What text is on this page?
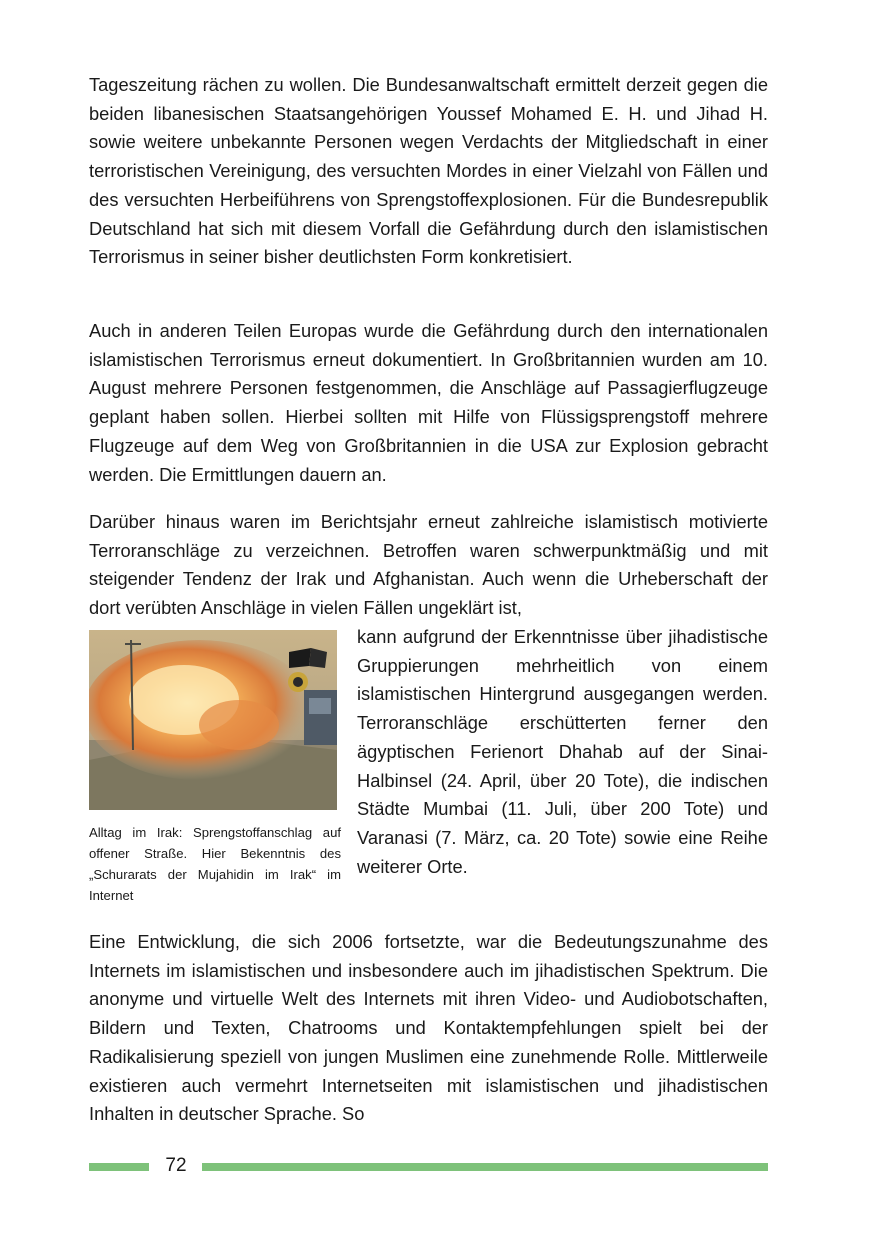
Tageszeitung rächen zu wollen. Die Bundesanwaltschaft ermittelt derzeit gegen die beiden libanesischen Staatsangehörigen Youssef Mohamed E. H. und Jihad H. sowie weitere unbekannte Personen wegen Verdachts der Mitgliedschaft in einer terroristischen Vereinigung, des versuchten Mordes in einer Vielzahl von Fällen und des versuchten Herbeiführens von Sprengstoffexplosionen. Für die Bundesrepublik Deutschland hat sich mit diesem Vorfall die Gefährdung durch den islamistischen Terrorismus in seiner bisher deutlichsten Form konkretisiert.

Auch in anderen Teilen Europas wurde die Gefährdung durch den internationalen islamistischen Terrorismus erneut dokumentiert. In Großbritannien wurden am 10. August mehrere Personen festgenommen, die Anschläge auf Passagierflugzeuge geplant haben sollen. Hierbei sollten mit Hilfe von Flüssigsprengstoff mehrere Flugzeuge auf dem Weg von Großbritannien in die USA zur Explosion gebracht werden. Die Ermittlungen dauern an.

Darüber hinaus waren im Berichtsjahr erneut zahlreiche islamistisch motivierte Terroranschläge zu verzeichnen. Betroffen waren schwerpunktmäßig und mit steigender Tendenz der Irak und Afghanistan. Auch wenn die Urheberschaft der dort verübten Anschläge in vielen Fällen ungeklärt ist,

Alltag im Irak: Sprengstoffanschlag auf offener Straße. Hier Bekenntnis des „Schurarats der Mujahidin im Irak“ im Internet

kann aufgrund der Erkenntnisse über jihadistische Gruppierungen mehrheitlich von einem islamistischen Hintergrund ausgegangen werden. Terroranschläge erschütterten ferner den ägyptischen Ferienort Dhahab auf der Sinai-Halbinsel (24. April, über 20 Tote), die indischen Städte Mumbai (11. Juli, über 200 Tote) und Varanasi (7. März, ca. 20 Tote) sowie eine Reihe weiterer Orte.

Eine Entwicklung, die sich 2006 fortsetzte, war die Bedeutungszunahme des Internets im islamistischen und insbesondere auch im jihadistischen Spektrum. Die anonyme und virtuelle Welt des Internets mit ihren Video- und Audiobotschaften, Bildern und Texten, Chatrooms und Kontaktempfehlungen spielt bei der Radikalisierung speziell von jungen Muslimen eine zunehmende Rolle. Mittlerweile existieren auch vermehrt Internetseiten mit islamistischen und jihadistischen Inhalten in deutscher Sprache. So

72
